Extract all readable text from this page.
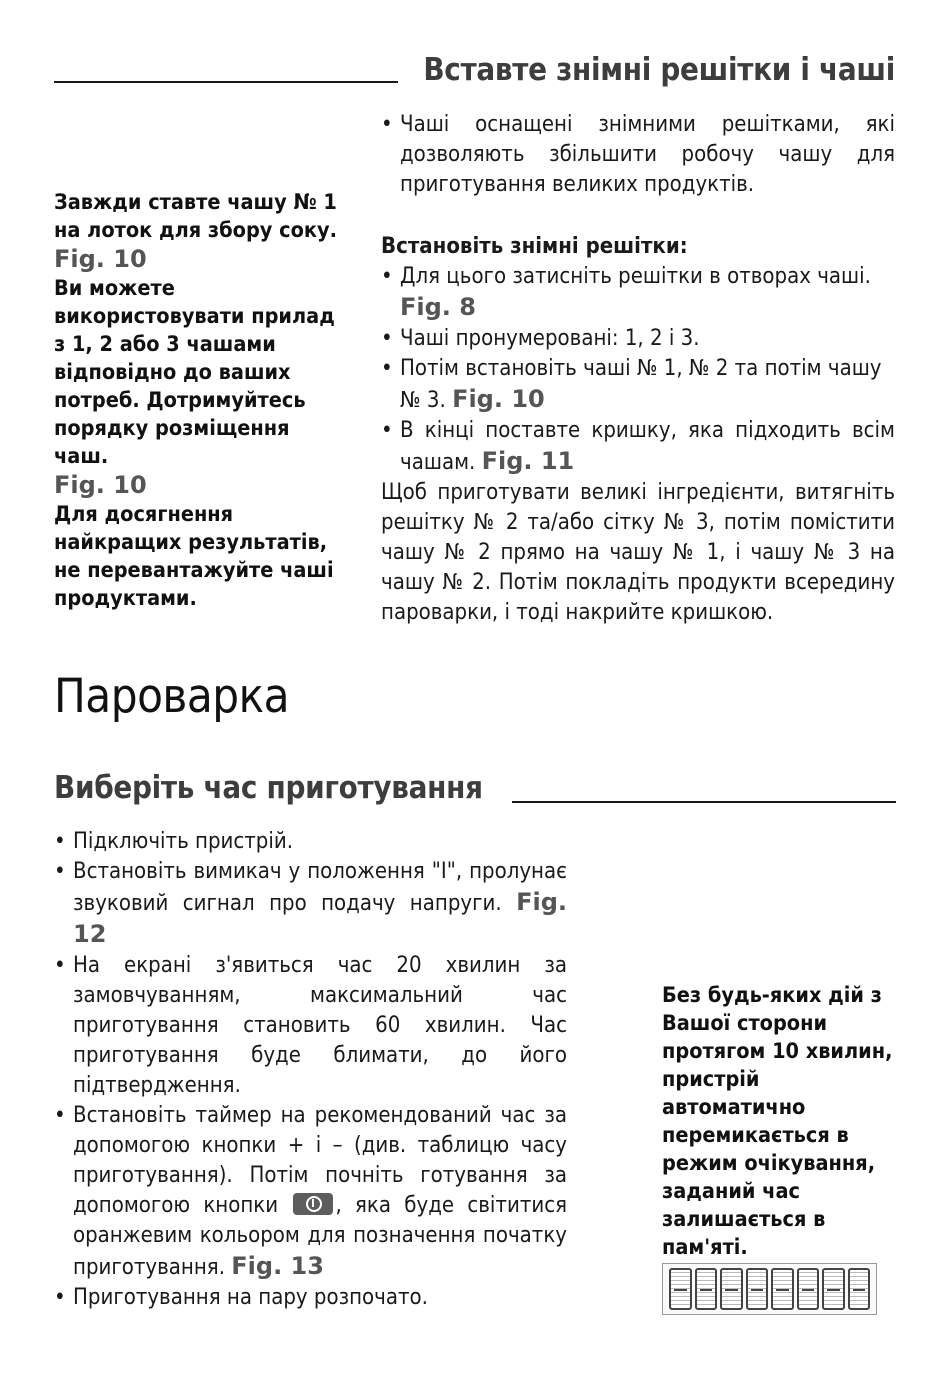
Вставте знімні решітки і чаші
Завжди ставте чашу № 1 на лоток для збору соку. Fig. 10
Ви можете використовувати прилад з 1, 2 або 3 чашами відповідно до ваших потреб. Дотримуйтесь порядку розміщення чаш.
Fig. 10
Для досягнення найкращих результатів, не перевантажуйте чаші продуктами.
• Чаші оснащені знімними решітками, які дозволяють збільшити робочу чашу для приготування великих продуктів.
Встановіть знімні решітки:
• Для цього затисніть решітки в отворах чаші. Fig. 8
• Чаші пронумеровані: 1, 2 і 3.
• Потім встановіть чаші № 1, № 2 та потім чашу № 3. Fig. 10
• В кінці поставте кришку, яка підходить всім чашам. Fig. 11
Щоб приготувати великі інгредієнти, витягніть решітку № 2 та/або сітку № 3, потім помістити чашу № 2 прямо на чашу № 1, і чашу № 3 на чашу № 2. Потім покладіть продукти всередину пароварки, і тоді накрийте кришкою.
Пароварка
Виберіть час приготування
• Підключіть пристрій.
• Встановіть вимикач у положення "I", пролунає звуковий сигнал про подачу напруги. Fig. 12
• На екрані з'явиться час 20 хвилин за замовчуванням, максимальний час приготування становить 60 хвилин. Час приготування буде блимати, до його підтвердження.
• Встановіть таймер на рекомендований час за допомогою кнопки + і – (див. таблицю часу приготування). Потім почніть готування за допомогою кнопки	, яка буде світитися оранжевим кольором для позначення початку приготування. Fig. 13
• Приготування на пару розпочато.
Без будь-яких дій з Вашої сторони протягом 10 хвилин, пристрій автоматично перемикається в режим очікування, заданий час залишається в пам'яті.
